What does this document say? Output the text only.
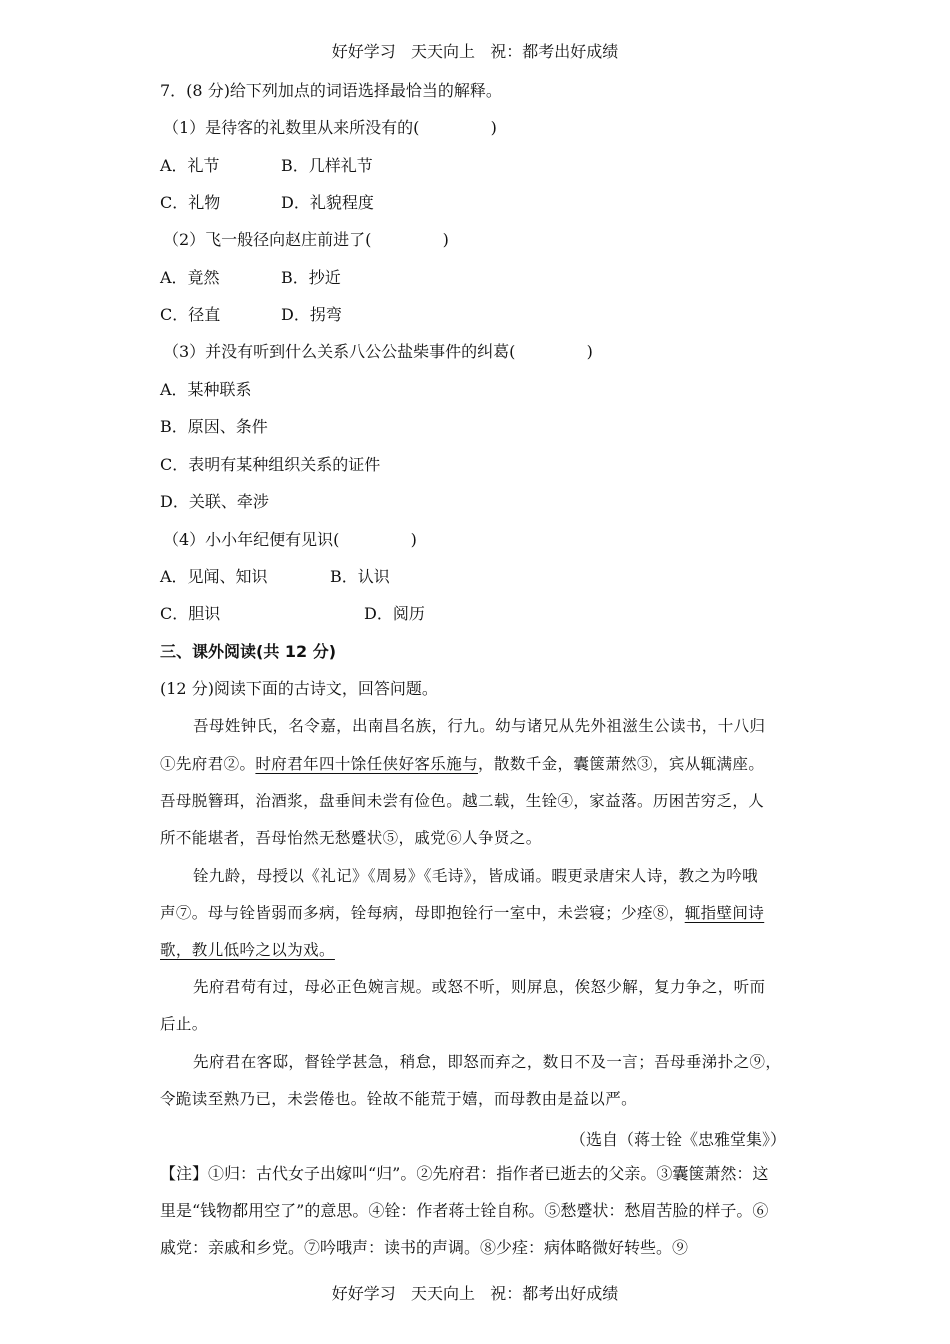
好好学习   天天向上   祝：都考出好成绩
7．(8 分)给下列加点的词语选择最恰当的解释。
（1）是待客的礼数里从来所没有的(              )
A．礼节	B．几样礼节
C．礼物	D．礼貌程度
（2）飞一般径向赵庄前进了(              )
A．竟然	B．抄近
C．径直	D．拐弯
（3）并没有听到什么关系八公公盐柴事件的纠葛(              )
A．某种联系
B．原因、条件
C．表明有某种组织关系的证件
D．关联、牵涉
（4）小小年纪便有见识(              )
A．见闻、知识	B．认识
C．胆识	D．阅历
三、课外阅读(共 12 分)
(12 分)阅读下面的古诗文，回答问题。
吾母姓钟氏，名令嘉，出南昌名族，行九。幼与诸兄从先外祖滋生公读书，十八归
①先府君②。时府君年四十馀任侠好客乐施与，散数千金，囊箧萧然③，宾从辄满座。
吾母脱簪珥，治酒浆，盘垂间未尝有俭色。越二载，生铨④，家益落。历困苦穷乏，人
所不能堪者，吾母怡然无愁蹙状⑤，戚党⑥人争贤之。
铨九龄，母授以《礼记》《周易》《毛诗》，皆成诵。暇更录唐宋人诗，教之为吟哦
声⑦。母与铨皆弱而多病，铨每病，母即抱铨行一室中，未尝寝；少痊⑧，辄指壁间诗
歌，教儿低吟之以为戏。
先府君苟有过，母必正色婉言规。或怒不听，则屏息，俟怒少解，复力争之，听而
后止。
先府君在客邸，督铨学甚急，稍怠，即怒而弃之，数日不及一言；吾母垂涕扑之⑨，
令跪读至熟乃已，未尝倦也。铨故不能荒于嬉，而母教由是益以严。
（选自（蒋士铨《忠雅堂集》）
【注】①归：古代女子出嫁叫“归”。②先府君：指作者已逝去的父亲。③囊箧萧然：这
里是“钱物都用空了”的意思。④铨：作者蒋士铨自称。⑤愁蹙状：愁眉苦脸的样子。⑥
戚党：亲戚和乡党。⑦吟哦声：读书的声调。⑧少痊：病体略微好转些。⑨
好好学习   天天向上   祝：都考出好成绩
